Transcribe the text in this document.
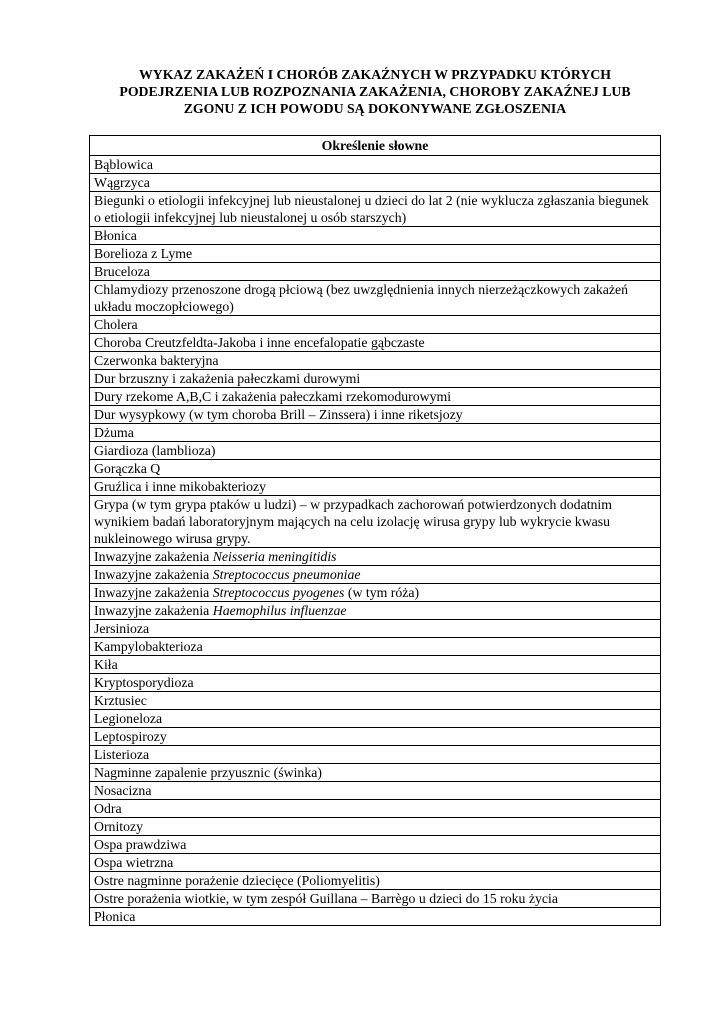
WYKAZ ZAKAŻEŃ I CHORÓB ZAKAŹNYCH W PRZYPADKU KTÓRYCH
PODEJRZENIA LUB ROZPOZNANIA ZAKAŻENIA, CHOROBY ZAKAŹNEJ LUB
ZGONU Z ICH POWODU SĄ DOKONYWANE ZGŁOSZENIA
Określenie słowne
Bąblowica
Wągrzyca
Biegunki o etiologii infekcyjnej lub nieustalonej u dzieci do lat 2 (nie wyklucza zgłaszania biegunek o etiologii infekcyjnej lub nieustalonej u osób starszych)
Błonica
Borelioza z Lyme
Bruceloza
Chlamydiozy przenoszone drogą płciową (bez uwzględnienia innych nierzeżączkowych zakażeń układu moczopłciowego)
Cholera
Choroba Creutzfeldta-Jakoba i inne encefalopatie gąbczaste
Czerwonka bakteryjna
Dur brzuszny i zakażenia pałeczkami durowymi
Dury rzekome A,B,C i zakażenia pałeczkami rzekomodurowymi
Dur wysypkowy (w tym choroba Brill – Zinssera) i inne riketsjozy
Dżuma
Giardioza (lamblioza)
Gorączka Q
Gruźlica i inne mikobakteriozy
Grypa (w tym grypa ptaków u ludzi) – w przypadkach zachorowań potwierdzonych dodatnim wynikiem badań laboratoryjnym mających na celu izolację wirusa grypy lub wykrycie kwasu nukleinowego wirusa grypy.
Inwazyjne zakażenia Neisseria meningitidis
Inwazyjne zakażenia Streptococcus pneumoniae
Inwazyjne zakażenia Streptococcus pyogenes (w tym róża)
Inwazyjne zakażenia Haemophilus influenzae
Jersinioza
Kampylobakterioza
Kiła
Kryptosporydioza
Krztusiec
Legioneloza
Leptospirozy
Listerioza
Nagminne zapalenie przyusznic (świnka)
Nosacizna
Odra
Ornitozy
Ospa prawdziwa
Ospa wietrzna
Ostre nagminne porażenie dziecięce (Poliomyelitis)
Ostre porażenia wiotkie, w tym zespół Guillana – Barrègo u dzieci do 15 roku życia
Płonica
